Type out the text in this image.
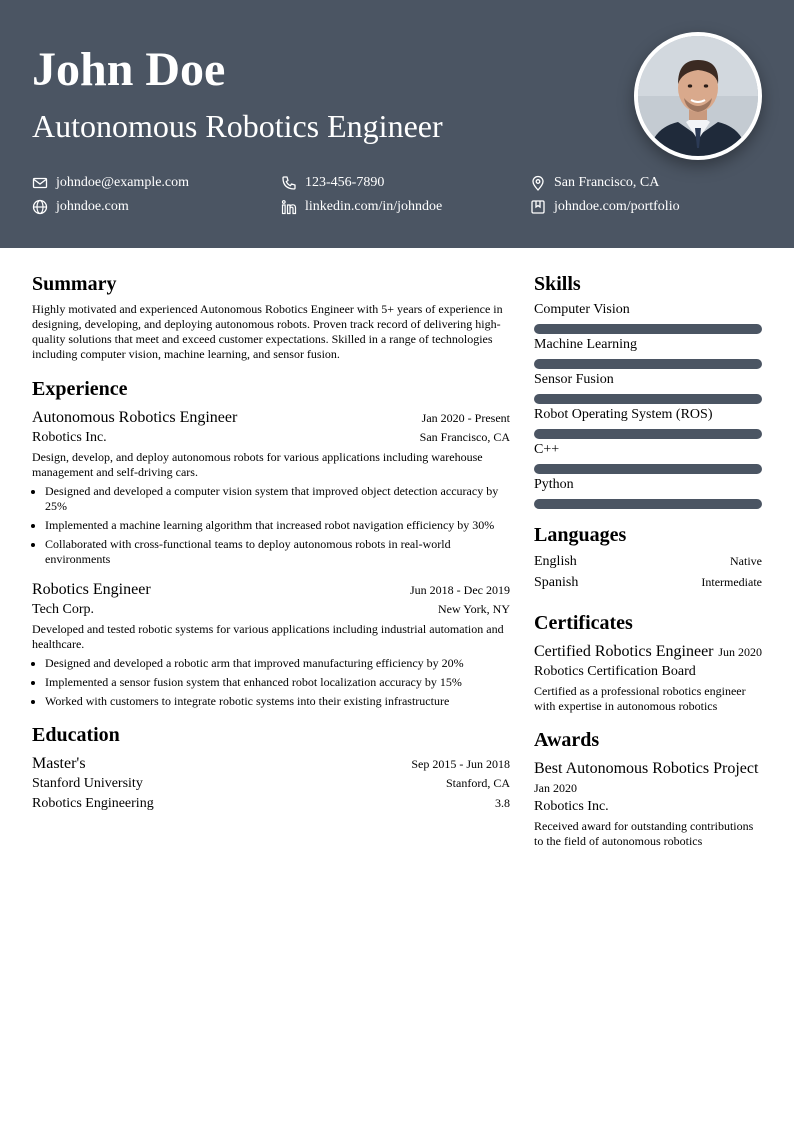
John Doe
Autonomous Robotics Engineer
johndoe@example.com	123-456-7890	San Francisco, CA
johndoe.com	linkedin.com/in/johndoe	johndoe.com/portfolio
Summary

Highly motivated and experienced Autonomous Robotics Engineer with 5+ years of experience in designing, developing, and deploying autonomous robots. Proven track record of delivering high-quality solutions that meet and exceed customer expectations. Skilled in a range of technologies including computer vision, machine learning, and sensor fusion.

Experience
Autonomous Robotics Engineer	Jan 2020 - Present
Robotics Inc.	San Francisco, CA

Design, develop, and deploy autonomous robots for various applications including warehouse management and self-driving cars.

• Designed and developed a computer vision system that improved object detection accuracy by 25%
• Implemented a machine learning algorithm that increased robot navigation efficiency by 30%
• Collaborated with cross-functional teams to deploy autonomous robots in real-world environments
Robotics Engineer	Jun 2018 - Dec 2019
Tech Corp.	New York, NY

Developed and tested robotic systems for various applications including industrial automation and healthcare.

• Designed and developed a robotic arm that improved manufacturing efficiency by 20%
• Implemented a sensor fusion system that enhanced robot localization accuracy by 15%
• Worked with customers to integrate robotic systems into their existing infrastructure
Education
Master's	Sep 2015 - Jun 2018
Stanford University	Stanford, CA
Robotics Engineering	3.8
Skills
Computer Vision
Machine Learning
Sensor Fusion
Robot Operating System (ROS)
C++
Python
Languages
English	Native
Spanish	Intermediate
Certificates
Certified Robotics Engineer Jun 2020
Robotics Certification Board

Certified as a professional robotics engineer with expertise in autonomous robotics

Awards
Best Autonomous Robotics Project
Jan 2020
Robotics Inc.

Received award for outstanding contributions to the field of autonomous robotics
